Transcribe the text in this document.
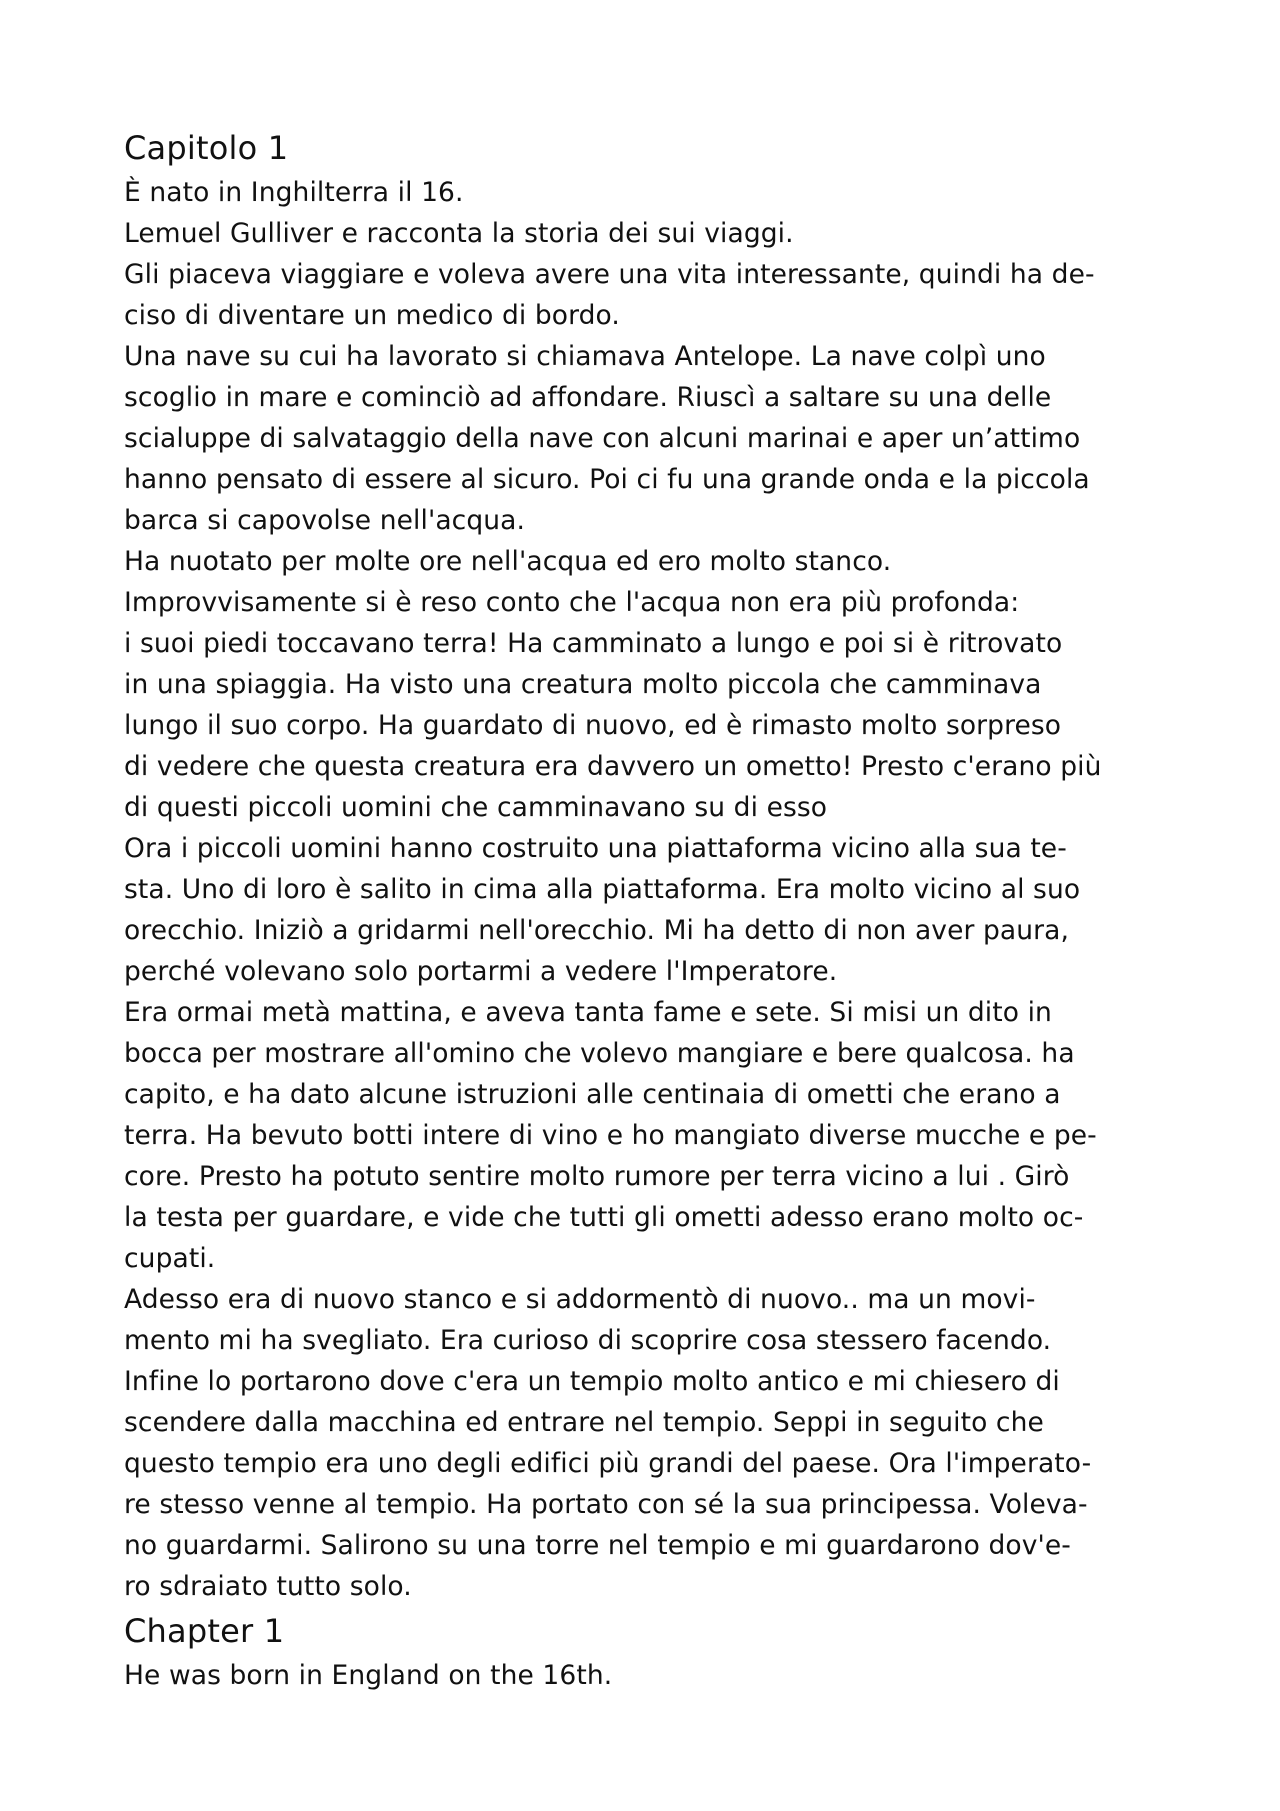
Capitolo 1
È nato in Inghilterra il 16.
Lemuel Gulliver e racconta la storia dei sui viaggi.
Gli piaceva viaggiare e voleva avere una vita interessante, quindi ha de-
ciso di diventare un medico di bordo.
Una nave su cui ha lavorato si chiamava Antelope. La nave colpì uno
scoglio in mare e cominciò ad affondare. Riuscì a saltare su una delle
scialuppe di salvataggio della nave con alcuni marinai e aper un’attimo
hanno pensato di essere al sicuro. Poi ci fu una grande onda e la piccola
barca si capovolse nell'acqua.
Ha nuotato per molte ore nell'acqua ed ero molto stanco.
Improvvisamente si è reso conto che l'acqua non era più profonda:
i suoi piedi toccavano terra! Ha camminato a lungo e poi si è ritrovato
in una spiaggia. Ha visto una creatura molto piccola che camminava
lungo il suo corpo. Ha guardato di nuovo, ed è rimasto molto sorpreso
di vedere che questa creatura era davvero un ometto! Presto c'erano più
di questi piccoli uomini che camminavano su di esso
Ora i piccoli uomini hanno costruito una piattaforma vicino alla sua te-
sta. Uno di loro è salito in cima alla piattaforma. Era molto vicino al suo
orecchio. Iniziò a gridarmi nell'orecchio. Mi ha detto di non aver paura,
perché volevano solo portarmi a vedere l'Imperatore.
Era ormai metà mattina, e aveva tanta fame e sete. Si misi un dito in
bocca per mostrare all'omino che volevo mangiare e bere qualcosa. ha
capito, e ha dato alcune istruzioni alle centinaia di ometti che erano a
terra. Ha bevuto botti intere di vino e ho mangiato diverse mucche e pe-
core. Presto ha potuto sentire molto rumore per terra vicino a lui . Girò
la testa per guardare, e vide che tutti gli ometti adesso erano molto oc-
cupati.
Adesso era di nuovo stanco e si addormentò di nuovo.. ma un movi-
mento mi ha svegliato. Era curioso di scoprire cosa stessero facendo.
Infine lo portarono dove c'era un tempio molto antico e mi chiesero di
scendere dalla macchina ed entrare nel tempio. Seppi in seguito che
questo tempio era uno degli edifici più grandi del paese. Ora l'imperato-
re stesso venne al tempio. Ha portato con sé la sua principessa. Voleva-
no guardarmi. Salirono su una torre nel tempio e mi guardarono dov'e-
ro sdraiato tutto solo.
Chapter 1
He was born in England on the 16th.
